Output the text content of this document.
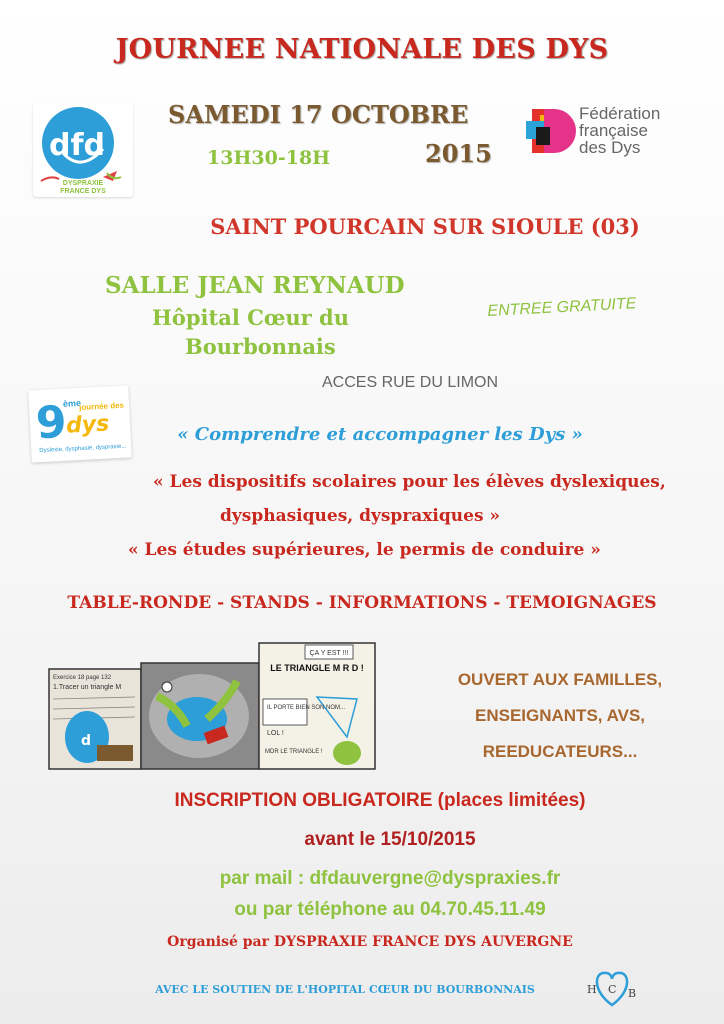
JOURNEE NATIONALE DES DYS
dfd
DYSPRAXIE
FRANCE DYS
SAMEDI 17 OCTOBRE
2015
13H30-18H
Fédération
française
des Dys
SAINT POURCAIN SUR SIOULE (03)
SALLE JEAN REYNAUD
Hôpital Cœur du
Bourbonnais
ENTREE GRATUITE
ACCES RUE DU LIMON
9
ème
journée des
dys
Dyslexie, dysphasie, dyspraxie...
« Comprendre et accompagner les Dys »
« Les dispositifs scolaires pour les élèves dyslexiques,
dysphasiques, dyspraxiques »
« Les études supérieures, le permis de conduire »
TABLE-RONDE - STANDS - INFORMATIONS - TEMOIGNAGES
Exercice 18 page 132
1.Tracer un triangle M
d
ÇA Y EST !!!
LE TRIANGLE M R D !
IL PORTE BIEN SON NOM...
LOL !
MDR LE TRIANGLE !
OUVERT AUX FAMILLES,
ENSEIGNANTS, AVS,
REEDUCATEURS...
INSCRIPTION OBLIGATOIRE (places limitées)
avant le 15/10/2015
par mail : dfdauvergne@dyspraxies.fr
ou par téléphone au 04.70.45.11.49
Organisé par DYSPRAXIE FRANCE DYS AUVERGNE
AVEC LE SOUTIEN DE L'HOPITAL CŒUR DU BOURBONNAIS	H C B
